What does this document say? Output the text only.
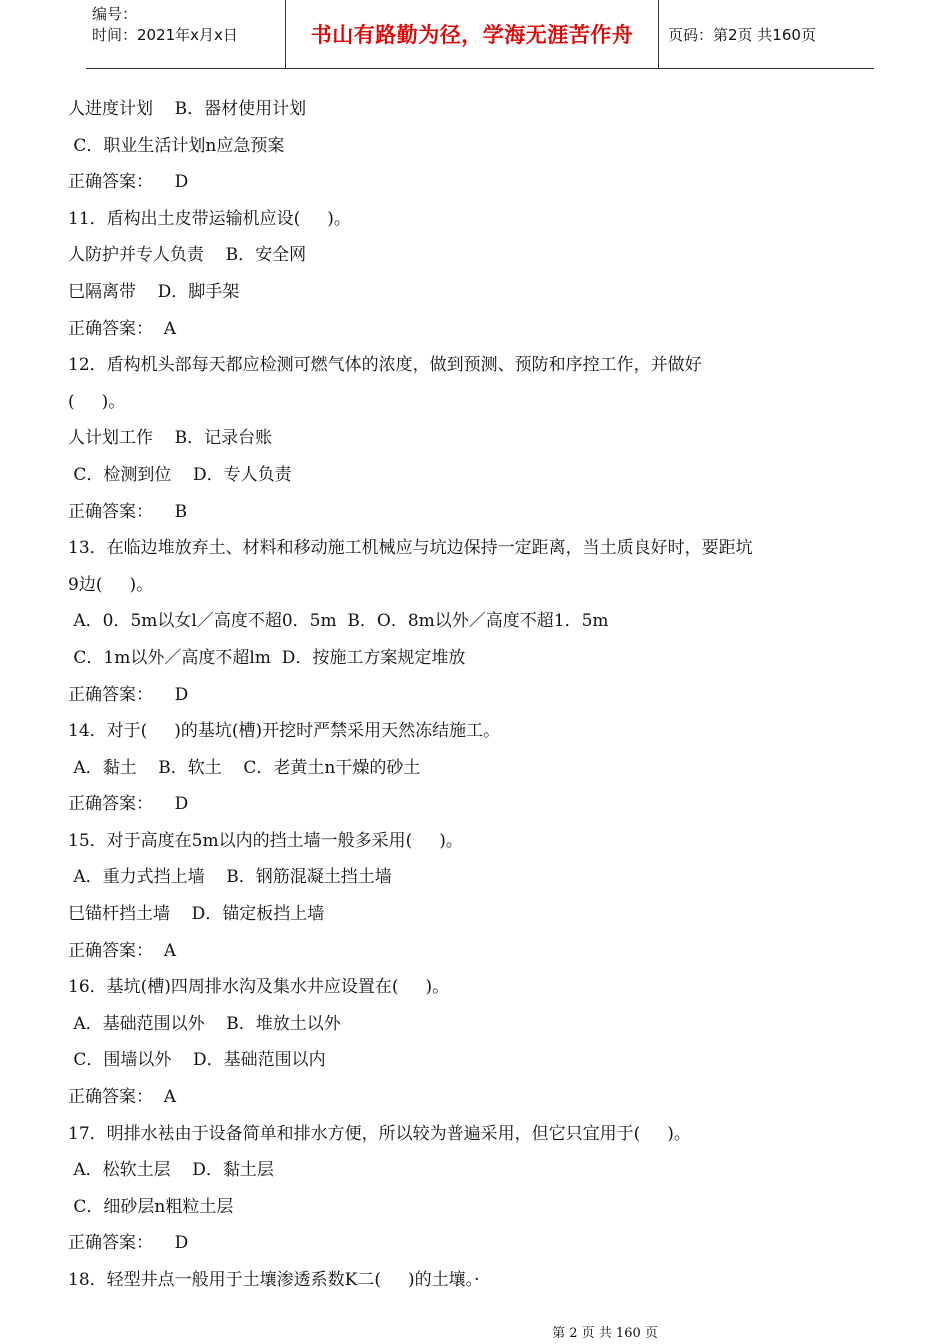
编号：
时间：2021年x月x日	书山有路勤为径，学海无涯苦作舟	页码：第2页 共160页
人进度计划    B．器材使用计划
C．职业生活计划n应急预案
正确答案：    D
11．盾构出土皮带运输机应设(     )。
人防护并专人负责    B．安全网
巳隔离带    D．脚手架
正确答案：  A
12．盾构机头部每天都应检测可燃气体的浓度，做到预测、预防和序控工作，并做好
(     )。
人计划工作    B．记录台账
C．检测到位    D．专人负责
正确答案：    B
13．在临边堆放弃土、材料和移动施工机械应与坑边保持一定距离，当土质良好时，要距坑
9边(     )。
A．0．5m以女l／高度不超0．5m  B．O．8m以外／高度不超1．5m
C．1m以外／高度不超lm  D．按施工方案规定堆放
正确答案：    D
14．对于(     )的基坑(槽)开挖时严禁采用天然冻结施工。
A．黏土    B．软土    C．老黄土n干燥的砂土
正确答案：    D
15．对于高度在5m以内的挡土墙一般多采用(     )。
A．重力式挡上墙    B．钢筋混凝土挡土墙
巳锚杆挡土墙    D．锚定板挡上墙
正确答案：  A
16．基坑(槽)四周排水沟及集水井应设置在(     )。
A．基础范围以外    B．堆放土以外
C．围墙以外    D．基础范围以内
正确答案：  A
17．明排水袪由于设备简单和排水方便，所以较为普遍采用，但它只宜用于(     )。
A．松软土层    D．黏土层
C．细砂层n粗粒土层
正确答案：    D
18．轻型井点一般用于土壤渗透系数K二(     )的土壤。·
第 2 页 共 160 页
